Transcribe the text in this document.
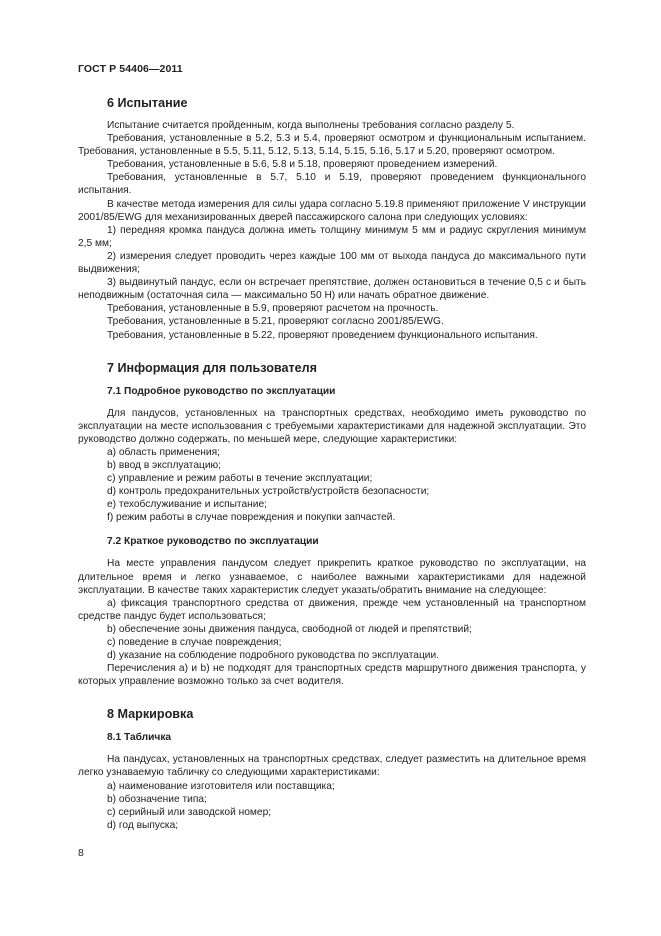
ГОСТ Р 54406—2011
6 Испытание

Испытание считается пройденным, когда выполнены требования согласно разделу 5.

Требования, установленные в 5.2, 5.3 и 5.4, проверяют осмотром и функциональным испытанием. Требования, установленные в 5.5, 5.11, 5.12, 5.13, 5.14, 5.15, 5.16, 5.17 и 5.20, проверяют осмотром.

Требования, установленные в 5.6, 5.8 и 5.18, проверяют проведением измерений.

Требования, установленные в 5.7, 5.10 и 5.19, проверяют проведением функционального испытания.

В качестве метода измерения для силы удара согласно 5.19.8 применяют приложение V инструкции 2001/85/EWG для механизированных дверей пассажирского салона при следующих условиях:

1) передняя кромка пандуса должна иметь толщину минимум 5 мм и радиус скругления минимум 2,5 мм;

2) измерения следует проводить через каждые 100 мм от выхода пандуса до максимального пути выдвижения;

3) выдвинутый пандус, если он встречает препятствие, должен остановиться в течение 0,5 с и быть неподвижным (остаточная сила — максимально 50 Н) или начать обратное движение.

Требования, установленные в 5.9, проверяют расчетом на прочность.

Требования, установленные в 5.21, проверяют согласно 2001/85/EWG.

Требования, установленные в 5.22, проверяют проведением функционального испытания.

7 Информация для пользователя
7.1 Подробное руководство по эксплуатации

Для пандусов, установленных на транспортных средствах, необходимо иметь руководство по эксплуатации на месте использования с требуемыми характеристиками для надежной эксплуатации. Это руководство должно содержать, по меньшей мере, следующие характеристики:

a) область применения;

b) ввод в эксплуатацию;

c) управление и режим работы в течение эксплуатации;

d) контроль предохранительных устройств/устройств безопасности;

e) техобслуживание и испытание;

f) режим работы в случае повреждения и покупки запчастей.

7.2 Краткое руководство по эксплуатации

На месте управления пандусом следует прикрепить краткое руководство по эксплуатации, на длительное время и легко узнаваемое, с наиболее важными характеристиками для надежной эксплуатации. В качестве таких характеристик следует указать/обратить внимание на следующее:

a) фиксация транспортного средства от движения, прежде чем установленный на транспортном средстве пандус будет использоваться;

b) обеспечение зоны движения пандуса, свободной от людей и препятствий;

c) поведение в случае повреждения;

d) указание на соблюдение подробного руководства по эксплуатации.

Перечисления а) и b) не подходят для транспортных средств маршрутного движения транспорта, у которых управление возможно только за счет водителя.

8 Маркировка
8.1 Табличка

На пандусах, установленных на транспортных средствах, следует разместить на длительное время легко узнаваемую табличку со следующими характеристиками:

a) наименование изготовителя или поставщика;

b) обозначение типа;

c) серийный или заводской номер;

d) год выпуска;

8
